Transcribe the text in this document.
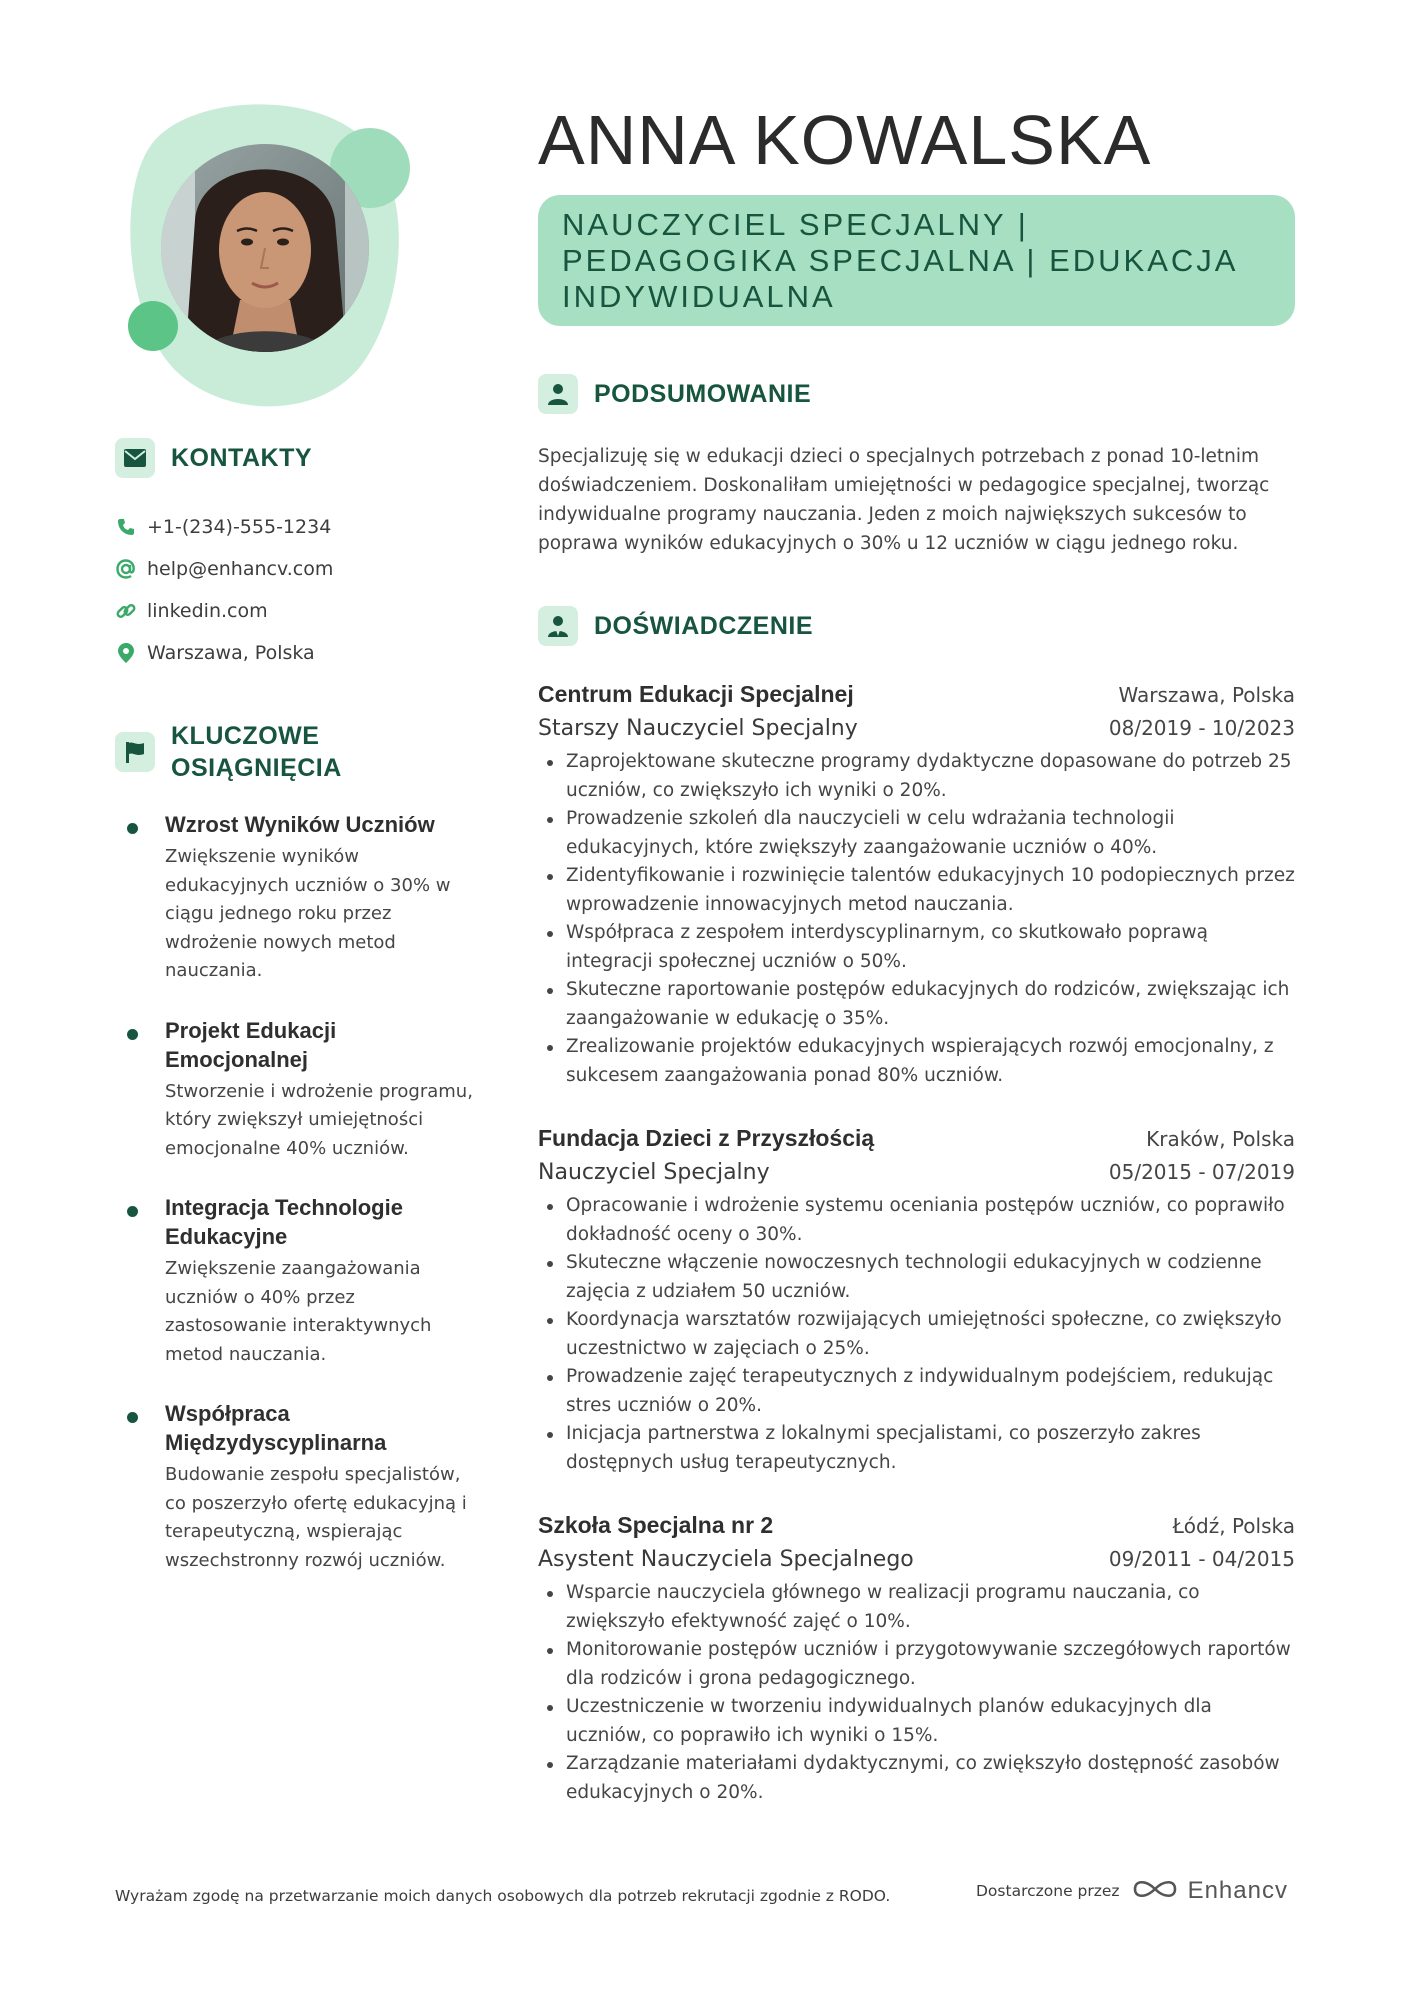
KONTAKTY
+1-(234)-555-1234
help@enhancv.com
linkedin.com
Warszawa, Polska
KLUCZOWE
OSIĄGNIĘCIA
Wzrost Wyników Uczniów
Zwiększenie wyników edukacyjnych uczniów o 30% w ciągu jednego roku przez wdrożenie nowych metod nauczania.
Projekt Edukacji Emocjonalnej
Stworzenie i wdrożenie programu, który zwiększył umiejętności emocjonalne 40% uczniów.
Integracja Technologie Edukacyjne
Zwiększenie zaangażowania uczniów o 40% przez zastosowanie interaktywnych metod nauczania.
Współpraca Międzydyscyplinarna
Budowanie zespołu specjalistów, co poszerzyło ofertę edukacyjną i terapeutyczną, wspierając wszechstronny rozwój uczniów.
ANNA KOWALSKA
NAUCZYCIEL SPECJALNY | PEDAGOGIKA SPECJALNA | EDUKACJA INDYWIDUALNA
PODSUMOWANIE

Specjalizuję się w edukacji dzieci o specjalnych potrzebach z ponad 10-letnim doświadczeniem. Doskonaliłam umiejętności w pedagogice specjalnej, tworząc indywidualne programy nauczania. Jeden z moich największych sukcesów to poprawa wyników edukacyjnych o 30% u 12 uczniów w ciągu jednego roku.

DOŚWIADCZENIE
Centrum Edukacji Specjalnej	Warszawa, Polska
Starszy Nauczyciel Specjalny	08/2019 - 10/2023
Zaprojektowane skuteczne programy dydaktyczne dopasowane do potrzeb 25 uczniów, co zwiększyło ich wyniki o 20%.
Prowadzenie szkoleń dla nauczycieli w celu wdrażania technologii edukacyjnych, które zwiększyły zaangażowanie uczniów o 40%.
Zidentyfikowanie i rozwinięcie talentów edukacyjnych 10 podopiecznych przez wprowadzenie innowacyjnych metod nauczania.
Współpraca z zespołem interdyscyplinarnym, co skutkowało poprawą integracji społecznej uczniów o 50%.
Skuteczne raportowanie postępów edukacyjnych do rodziców, zwiększając ich zaangażowanie w edukację o 35%.
Zrealizowanie projektów edukacyjnych wspierających rozwój emocjonalny, z sukcesem zaangażowania ponad 80% uczniów.
Fundacja Dzieci z Przyszłością	Kraków, Polska
Nauczyciel Specjalny	05/2015 - 07/2019
Opracowanie i wdrożenie systemu oceniania postępów uczniów, co poprawiło dokładność oceny o 30%.
Skuteczne włączenie nowoczesnych technologii edukacyjnych w codzienne zajęcia z udziałem 50 uczniów.
Koordynacja warsztatów rozwijających umiejętności społeczne, co zwiększyło uczestnictwo w zajęciach o 25%.
Prowadzenie zajęć terapeutycznych z indywidualnym podejściem, redukując stres uczniów o 20%.
Inicjacja partnerstwa z lokalnymi specjalistami, co poszerzyło zakres dostępnych usług terapeutycznych.
Szkoła Specjalna nr 2	Łódź, Polska
Asystent Nauczyciela Specjalnego	09/2011 - 04/2015
Wsparcie nauczyciela głównego w realizacji programu nauczania, co zwiększyło efektywność zajęć o 10%.
Monitorowanie postępów uczniów i przygotowywanie szczegółowych raportów dla rodziców i grona pedagogicznego.
Uczestniczenie w tworzeniu indywidualnych planów edukacyjnych dla uczniów, co poprawiło ich wyniki o 15%.
Zarządzanie materiałami dydaktycznymi, co zwiększyło dostępność zasobów edukacyjnych o 20%.
Wyrażam zgodę na przetwarzanie moich danych osobowych dla potrzeb rekrutacji zgodnie z RODO.	Dostarczone przez	Enhancv
